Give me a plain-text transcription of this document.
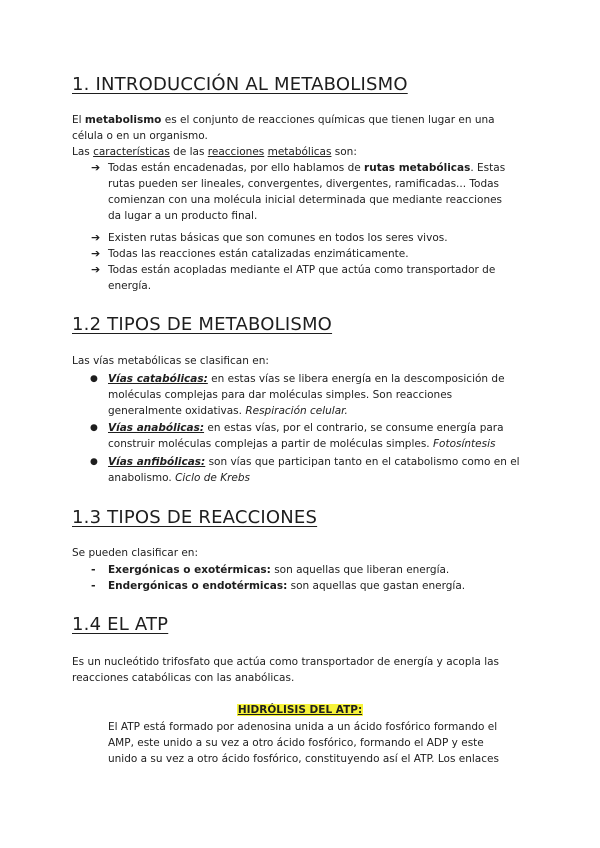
1. INTRODUCCIÓN AL METABOLISMO

El metabolismo es el conjunto de reacciones químicas que tienen lugar en una
célula o en un organismo.
Las características de las reacciones metabólicas son:

➔ Todas están encadenadas, por ello hablamos de rutas metabólicas. Estas
rutas pueden ser lineales, convergentes, divergentes, ramificadas... Todas
comienzan con una molécula inicial determinada que mediante reacciones
da lugar a un producto final.
➔ Existen rutas básicas que son comunes en todos los seres vivos.
➔ Todas las reacciones están catalizadas enzimáticamente.
➔ Todas están acopladas mediante el ATP que actúa como transportador de
energía.
1.2 TIPOS DE METABOLISMO

Las vías metabólicas se clasifican en:

● Vías catabólicas: en estas vías se libera energía en la descomposición de
moléculas complejas para dar moléculas simples. Son reacciones
generalmente oxidativas. Respiración celular.
● Vías anabólicas: en estas vías, por el contrario, se consume energía para
construir moléculas complejas a partir de moléculas simples. Fotosíntesis
● Vías anfibólicas: son vías que participan tanto en el catabolismo como en el
anabolismo. Ciclo de Krebs
1.3 TIPOS DE REACCIONES

Se pueden clasificar en:

- Exergónicas o exotérmicas: son aquellas que liberan energía.
- Endergónicas o endotérmicas: son aquellas que gastan energía.
1.4 EL ATP

Es un nucleótido trifosfato que actúa como transportador de energía y acopla las
reacciones catabólicas con las anabólicas.

HIDRÓLISIS DEL ATP:

El ATP está formado por adenosina unida a un ácido fosfórico formando el
AMP, este unido a su vez a otro ácido fosfórico, formando el ADP y este
unido a su vez a otro ácido fosfórico, constituyendo así el ATP. Los enlaces
